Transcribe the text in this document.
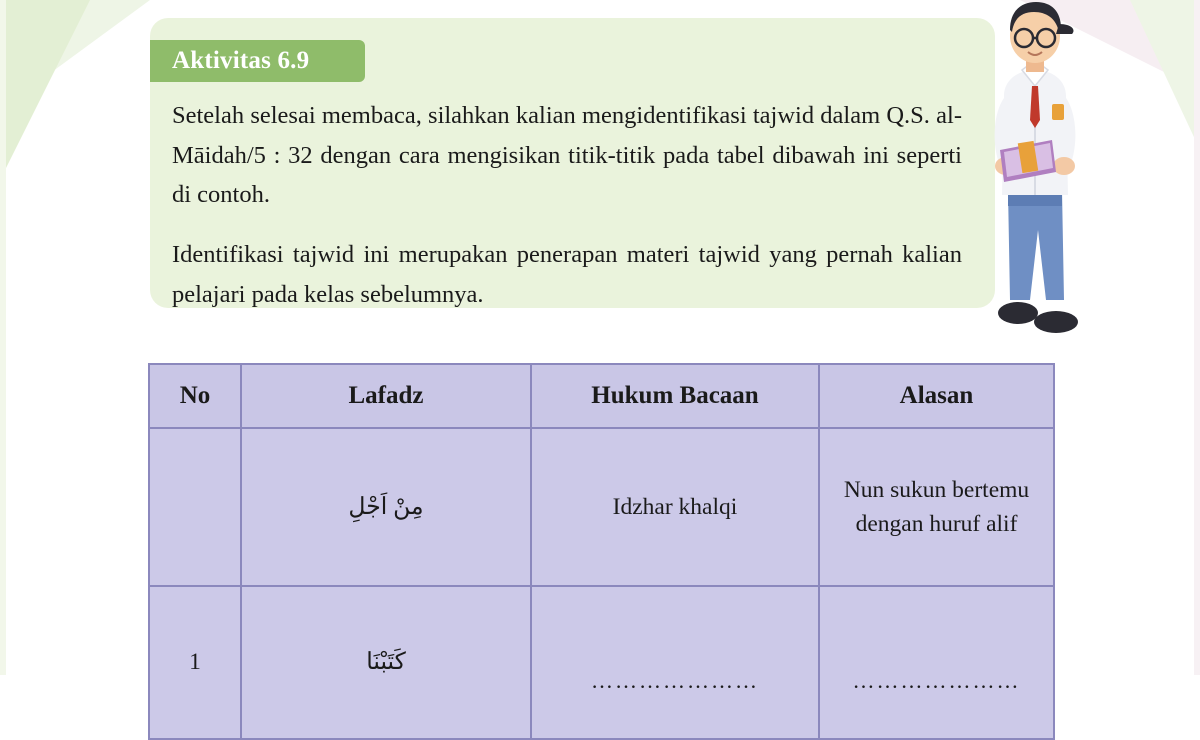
Aktivitas 6.9

Setelah selesai membaca, silahkan kalian mengidentifikasi tajwid dalam Q.S. al-Māidah/5 : 32 dengan cara mengisikan titik-titik pada tabel dibawah ini seperti di contoh.

Identifikasi tajwid ini merupakan penerapan materi tajwid yang pernah kalian pelajari pada kelas sebelumnya.

No	Lafadz	Hukum Bacaan	Alasan
	مِنْ اَجْلِ	Idzhar khalqi	Nun sukun bertemu dengan huruf alif
1	كَتَبْنَا	…………………	…………………
